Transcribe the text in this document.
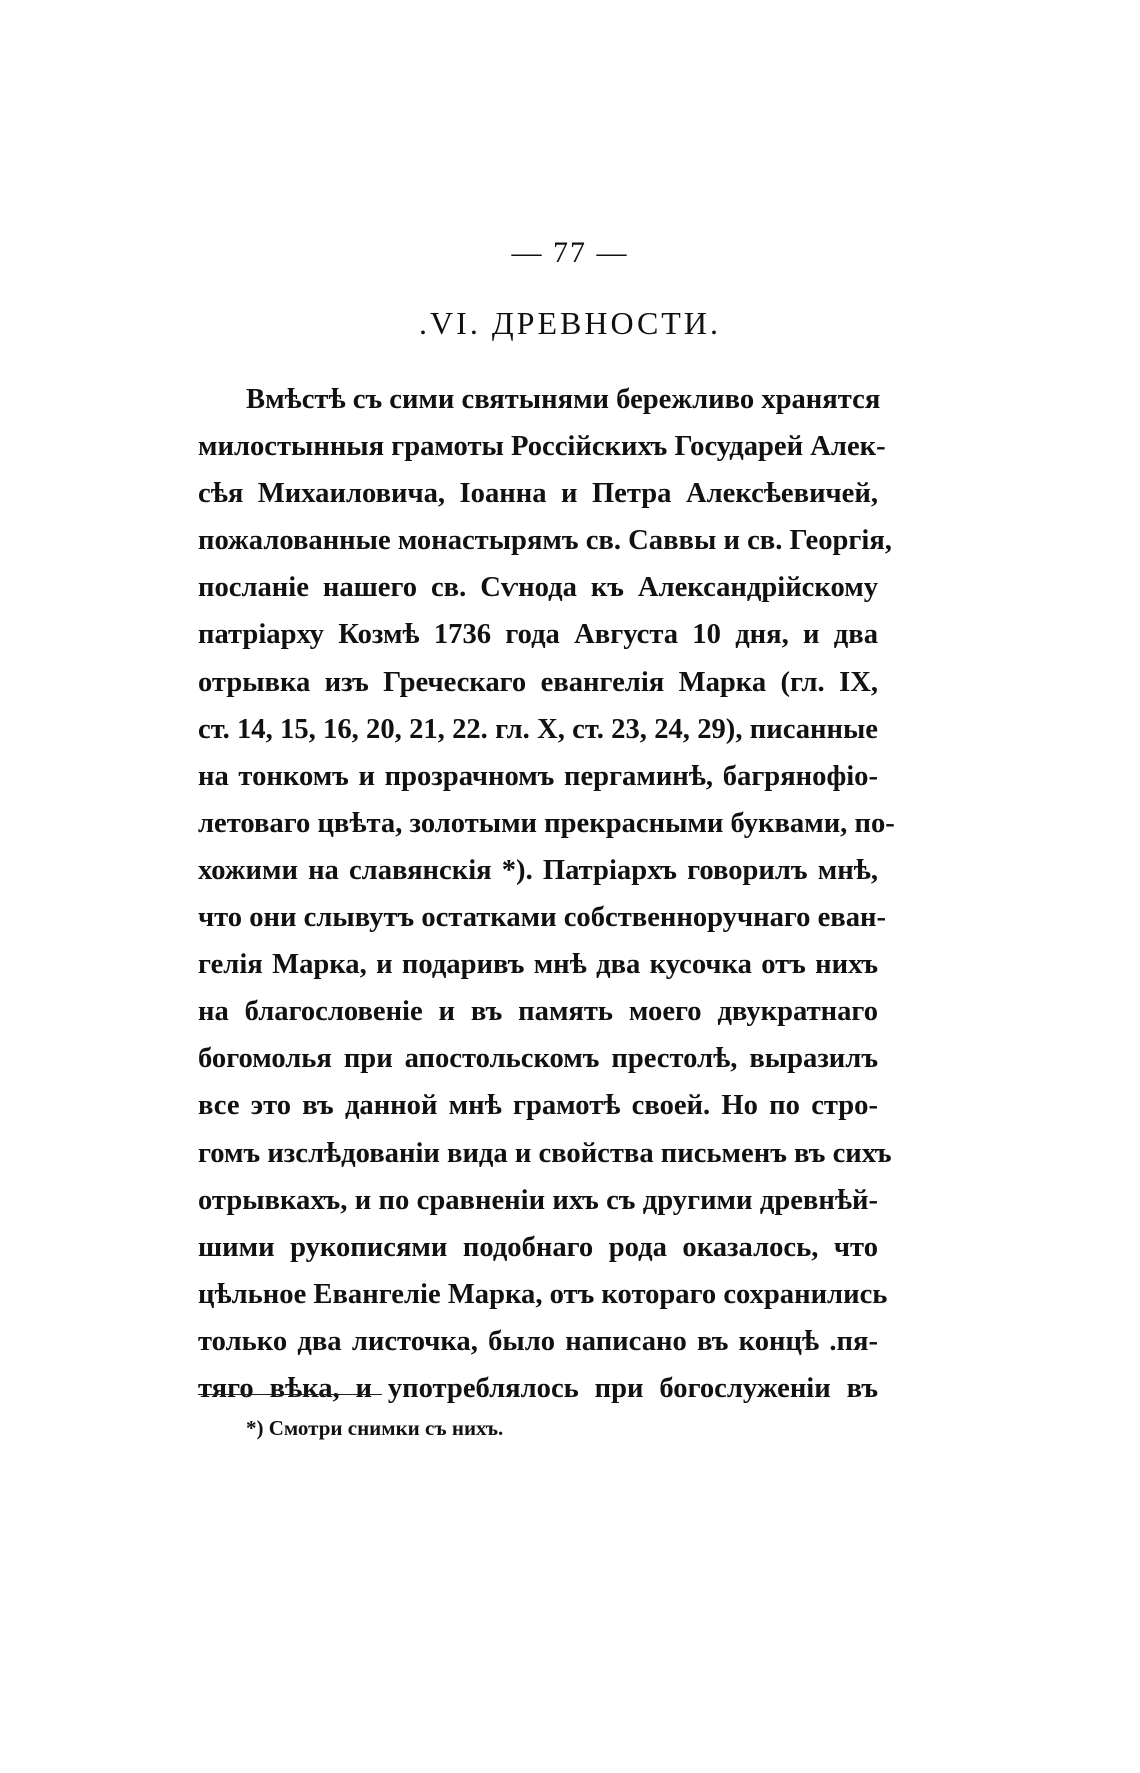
— 77 —
.VI. ДРЕВНОСТИ.
Вмѣстѣ съ сими святынями бережливо хранятся
милостынныя грамоты Россійскихъ Государей Алек-
сѣя Михаиловича, Іоанна и Петра Алексѣевичей,
пожалованные монастырямъ св. Саввы и св. Георгія,
посланіе нашего св. Сѵнода къ Александрійскому
патріарху Козмѣ 1736 года Августа 10 дня, и два
отрывка изъ Греческаго евангелія Марка (гл. IX,
ст. 14, 15, 16, 20, 21, 22. гл. X, ст. 23, 24, 29), писанные
на тонкомъ и прозрачномъ пергаминѣ, багрянофіо-
летоваго цвѣта, золотыми прекрасными буквами, по-
хожими на славянскія *). Патріархъ говорилъ мнѣ,
что они слывутъ остатками собственноручнаго еван-
гелія Марка, и подаривъ мнѣ два кусочка отъ нихъ
на благословеніе и въ память моего двукратнаго
богомолья при апостольскомъ престолѣ, выразилъ
все это въ данной мнѣ грамотѣ своей. Но по стро-
гомъ изслѣдованіи вида и свойства письменъ въ сихъ
отрывкахъ, и по сравненіи ихъ съ другими древнѣй-
шими рукописями подобнаго рода оказалось, что
цѣльное Евангеліе Марка, отъ котораго сохранились
только два листочка, было написано въ концѣ .пя-
тяго вѣка, и употреблялось при богослуженіи въ
*) Смотри снимки съ нихъ.
